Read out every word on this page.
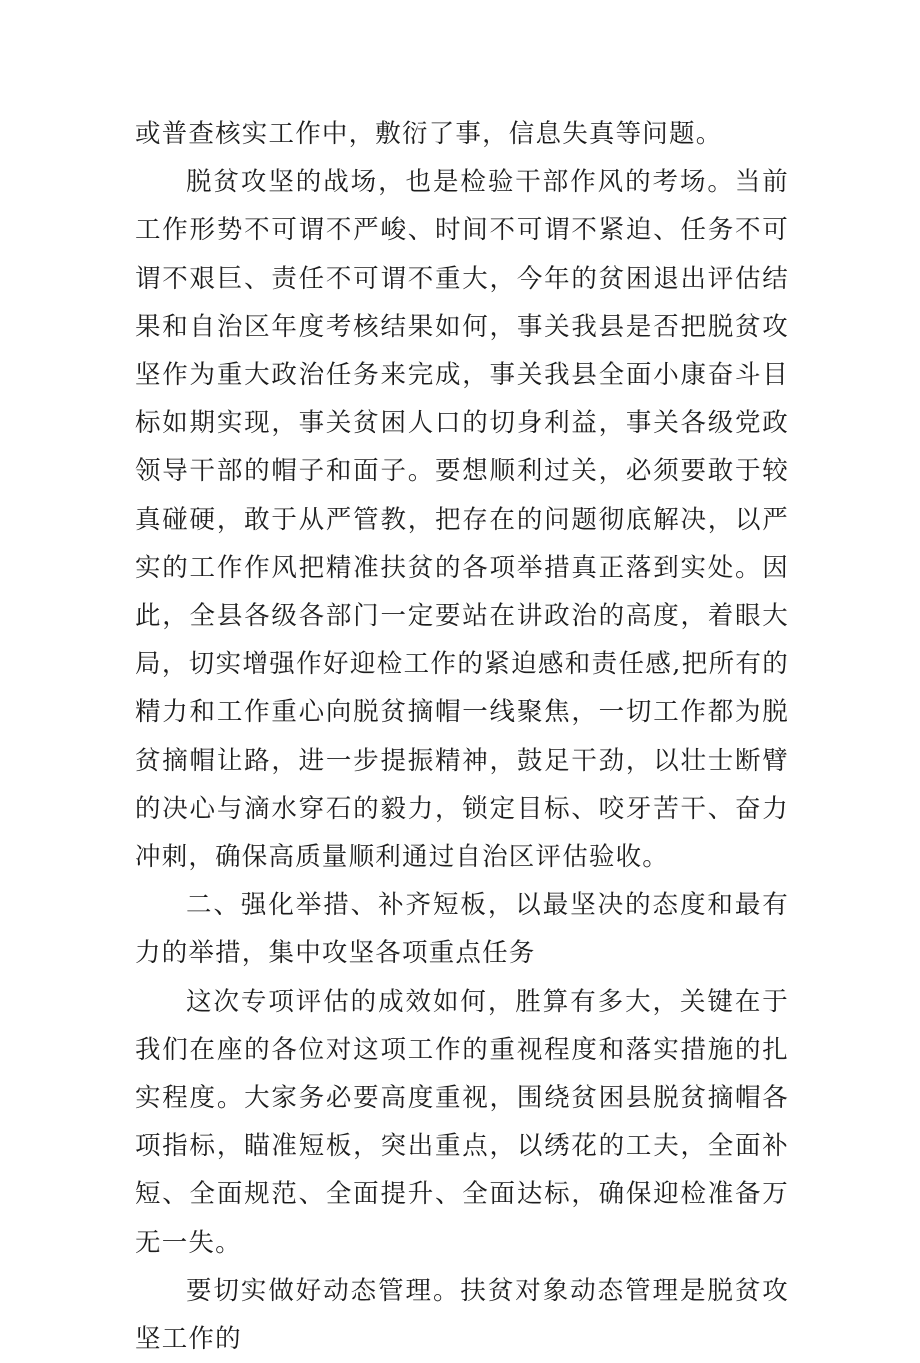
或普查核实工作中，敷衍了事，信息失真等问题。

脱贫攻坚的战场，也是检验干部作风的考场。当前工作形势不可谓不严峻、时间不可谓不紧迫、任务不可谓不艰巨、责任不可谓不重大，今年的贫困退出评估结果和自治区年度考核结果如何，事关我县是否把脱贫攻坚作为重大政治任务来完成，事关我县全面小康奋斗目标如期实现，事关贫困人口的切身利益，事关各级党政领导干部的帽子和面子。要想顺利过关，必须要敢于较真碰硬，敢于从严管教，把存在的问题彻底解决，以严实的工作作风把精准扶贫的各项举措真正落到实处。因此，全县各级各部门一定要站在讲政治的高度，着眼大局，切实增强作好迎检工作的紧迫感和责任感,把所有的精力和工作重心向脱贫摘帽一线聚焦，一切工作都为脱贫摘帽让路，进一步提振精神，鼓足干劲，以壮士断臂的决心与滴水穿石的毅力，锁定目标、咬牙苦干、奋力冲刺，确保高质量顺利通过自治区评估验收。

二、强化举措、补齐短板，以最坚决的态度和最有力的举措，集中攻坚各项重点任务

这次专项评估的成效如何，胜算有多大，关键在于我们在座的各位对这项工作的重视程度和落实措施的扎实程度。大家务必要高度重视，围绕贫困县脱贫摘帽各项指标，瞄准短板，突出重点，以绣花的工夫，全面补短、全面规范、全面提升、全面达标，确保迎检准备万无一失。

要切实做好动态管理。扶贫对象动态管理是脱贫攻坚工作的
